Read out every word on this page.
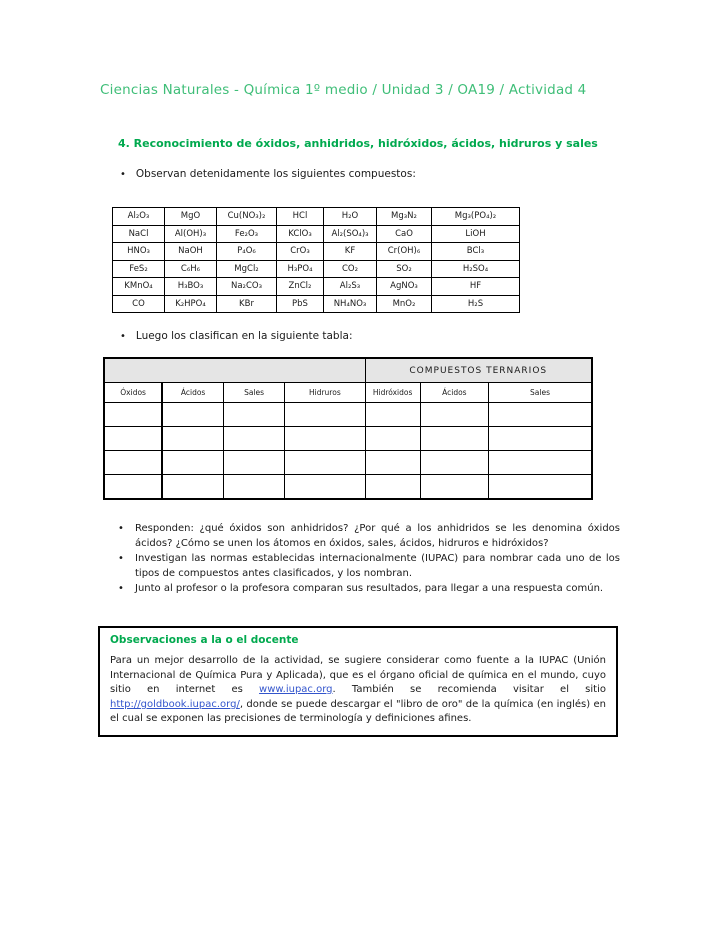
Ciencias Naturales - Química 1º medio / Unidad 3 / OA19 / Actividad 4
4. Reconocimiento de óxidos, anhidridos, hidróxidos, ácidos, hidruros y sales
• Observan detenidamente los siguientes compuestos:
Al₂O₃	MgO	Cu(NO₃)₂	HCl	H₂O	Mg₃N₂	Mg₃(PO₄)₂
NaCl	Al(OH)₃	Fe₂O₃	KClO₃	Al₂(SO₄)₃	CaO	LiOH
HNO₃	NaOH	P₄O₆	CrO₃	KF	Cr(OH)₆	BCl₃
FeS₂	C₆H₆	MgCl₂	H₃PO₄	CO₂	SO₂	H₂SO₄
KMnO₄	H₃BO₃	Na₂CO₃	ZnCl₂	Al₂S₃	AgNO₃	HF
CO	K₂HPO₄	KBr	PbS	NH₄NO₃	MnO₂	H₂S
• Luego los clasifican en la siguiente tabla:
				COMPUESTOS TERNARIOS		
Óxidos	Ácidos	Sales	Hidruros	Hidróxidos	Ácidos	Sales

• Responden: ¿qué óxidos son anhidridos? ¿Por qué a los anhidridos se les denomina óxidos ácidos? ¿Cómo se unen los átomos en óxidos, sales, ácidos, hidruros e hidróxidos?
• Investigan las normas establecidas internacionalmente (IUPAC) para nombrar cada uno de los tipos de compuestos antes clasificados, y los nombran.
• Junto al profesor o la profesora comparan sus resultados, para llegar a una respuesta común.
Observaciones a la o el docente
Para un mejor desarrollo de la actividad, se sugiere considerar como fuente a la IUPAC (Unión Internacional de Química Pura y Aplicada), que es el órgano oficial de química en el mundo, cuyo sitio en internet es www.iupac.org. También se recomienda visitar el sitio http://goldbook.iupac.org/, donde se puede descargar el "libro de oro" de la química (en inglés) en el cual se exponen las precisiones de terminología y definiciones afines.
